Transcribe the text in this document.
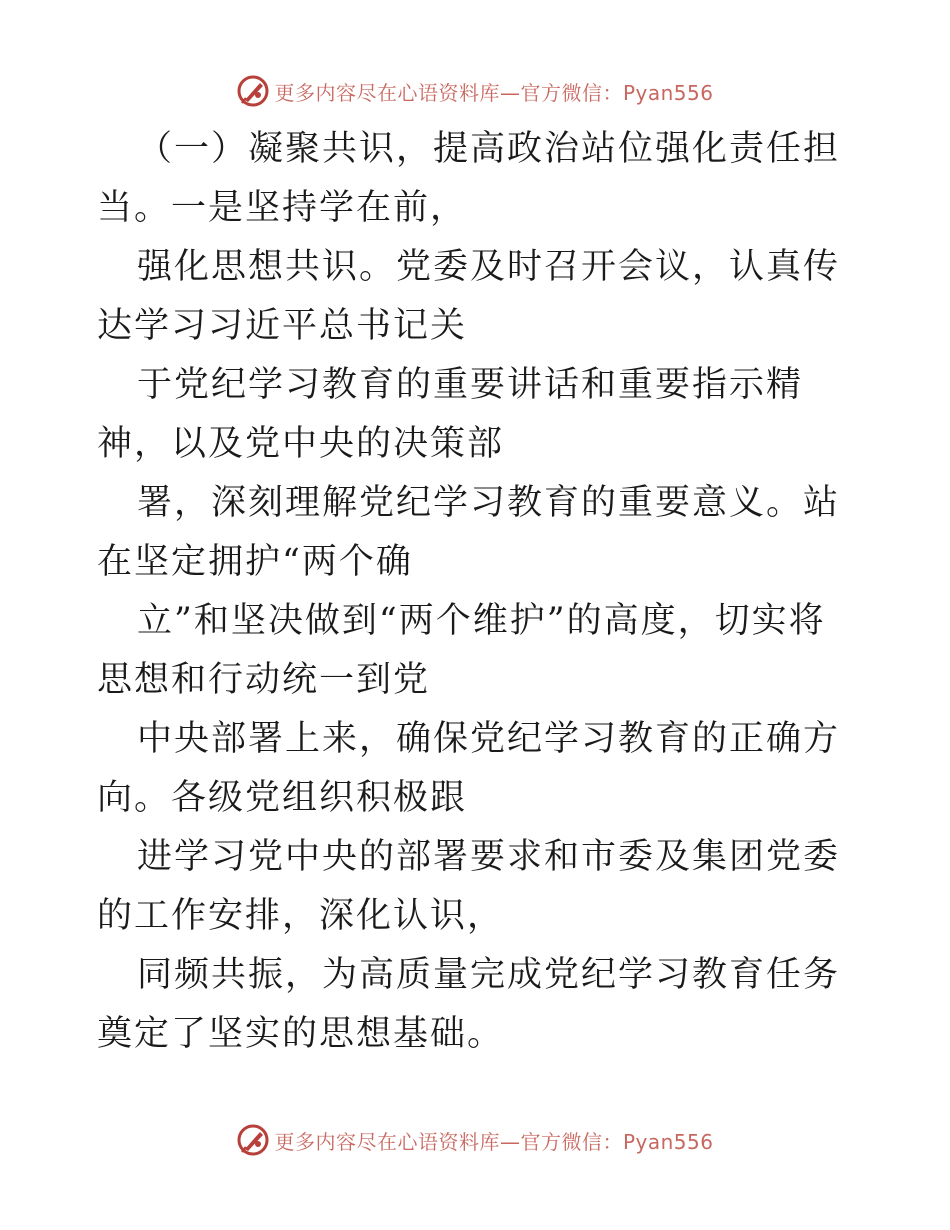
更多内容尽在心语资料库—官方微信：Pyan556

（一）凝聚共识，提高政治站位强化责任担当。一是坚持学在前，

强化思想共识。党委及时召开会议，认真传达学习习近平总书记关

于党纪学习教育的重要讲话和重要指示精神，以及党中央的决策部

署，深刻理解党纪学习教育的重要意义。站在坚定拥护“两个确

立”和坚决做到“两个维护”的高度，切实将思想和行动统一到党

中央部署上来，确保党纪学习教育的正确方向。各级党组织积极跟

进学习党中央的部署要求和市委及集团党委的工作安排，深化认识，

同频共振，为高质量完成党纪学习教育任务奠定了坚实的思想基础。

更多内容尽在心语资料库—官方微信：Pyan556
